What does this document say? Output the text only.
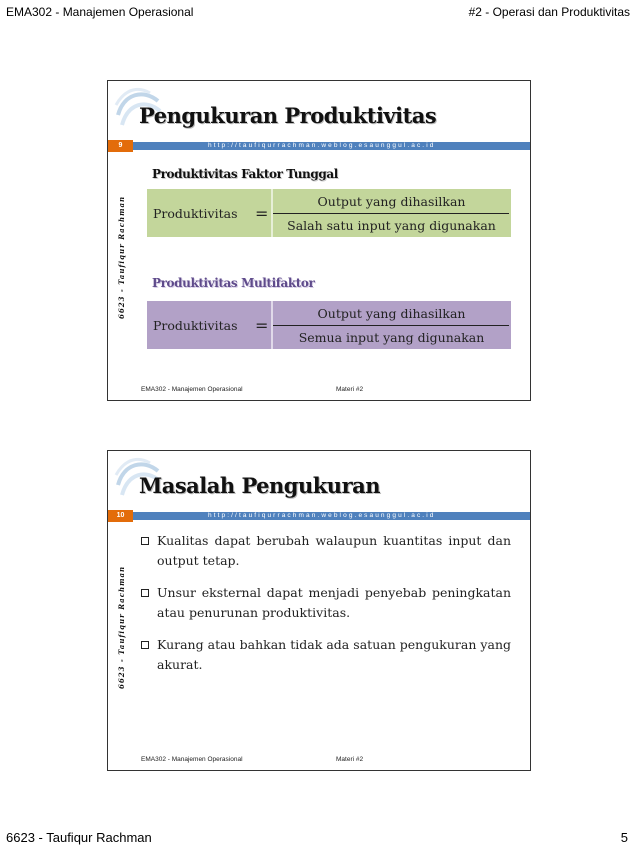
EMA302 - Manajemen Operasional	#2 - Operasi dan Produktivitas
Pengukuran Produktivitas
9	http://taufiqurrachman.weblog.esaunggul.ac.id
6623 - Taufiqur Rachman
Produktivitas Faktor Tunggal
Produktivitas =
Output yang dihasilkan
Salah satu input yang digunakan
Produktivitas Multifaktor
Produktivitas =
Output yang dihasilkan
Semua input yang digunakan
EMA302 - Manajemen Operasional	Materi #2
Masalah Pengukuran
10	http://taufiqurrachman.weblog.esaunggul.ac.id
6623 - Taufiqur Rachman
Kualitas dapat berubah walaupun kuantitas input dan output tetap.
Unsur eksternal dapat menjadi penyebab peningkatan atau penurunan produktivitas.
Kurang atau bahkan tidak ada satuan pengukuran yang akurat.
EMA302 - Manajemen Operasional	Materi #2
6623 - Taufiqur Rachman	5
